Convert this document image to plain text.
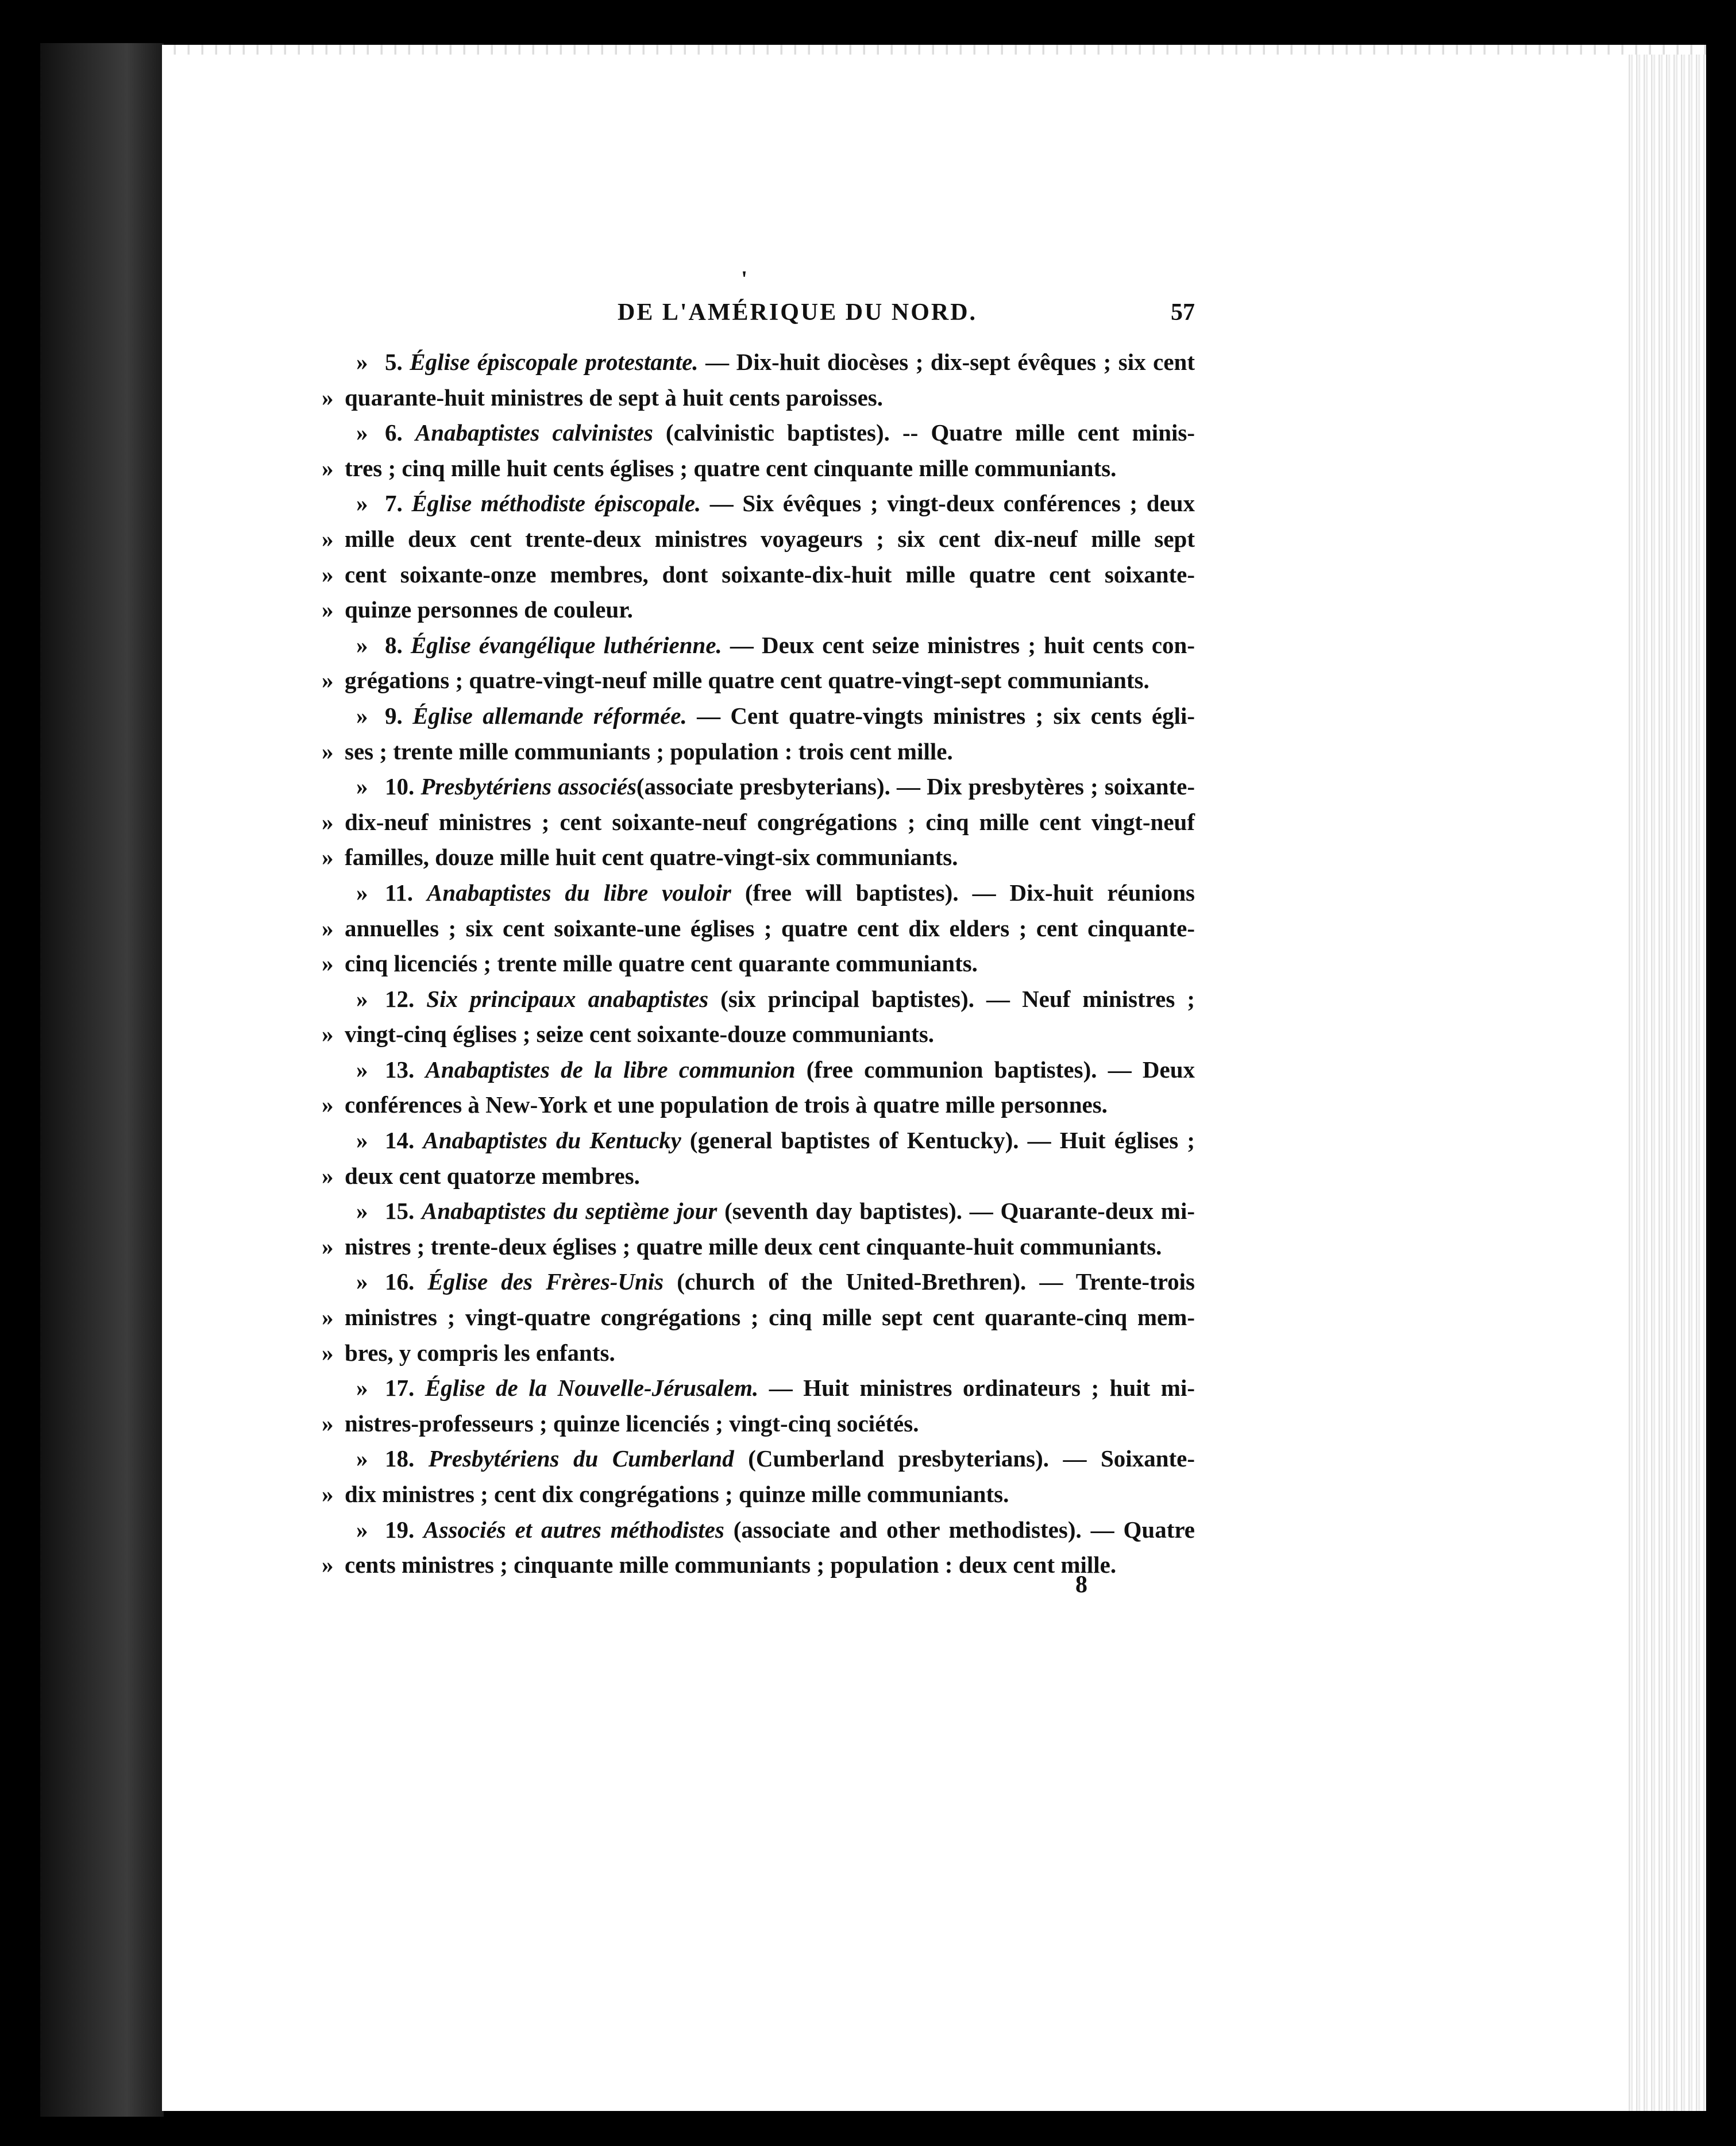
'
DE L'AMÉRIQUE DU NORD.	57
» 5. Église épiscopale protestante. — Dix-huit diocèses ; dix-sept évêques ; six cent
» quarante-huit ministres de sept à huit cents paroisses.
» 6. Anabaptistes calvinistes (calvinistic baptistes). -- Quatre mille cent minis-
» tres ; cinq mille huit cents églises ; quatre cent cinquante mille communiants.
» 7. Église méthodiste épiscopale. — Six évêques ; vingt-deux conférences ; deux
» mille deux cent trente-deux ministres voyageurs ; six cent dix-neuf mille sept
» cent soixante-onze membres, dont soixante-dix-huit mille quatre cent soixante-
» quinze personnes de couleur.
» 8. Église évangélique luthérienne. — Deux cent seize ministres ; huit cents con-
» grégations ; quatre-vingt-neuf mille quatre cent quatre-vingt-sept communiants.
» 9. Église allemande réformée. — Cent quatre-vingts ministres ; six cents égli-
» ses ; trente mille communiants ; population : trois cent mille.
» 10. Presbytériens associés(associate presbyterians). — Dix presbytères ; soixante-
» dix-neuf ministres ; cent soixante-neuf congrégations ; cinq mille cent vingt-neuf
» familles, douze mille huit cent quatre-vingt-six communiants.
» 11. Anabaptistes du libre vouloir (free will baptistes). — Dix-huit réunions
» annuelles ; six cent soixante-une églises ; quatre cent dix elders ; cent cinquante-
» cinq licenciés ; trente mille quatre cent quarante communiants.
» 12. Six principaux anabaptistes (six principal baptistes). — Neuf ministres ;
» vingt-cinq églises ; seize cent soixante-douze communiants.
» 13. Anabaptistes de la libre communion (free communion baptistes). — Deux
» conférences à New-York et une population de trois à quatre mille personnes.
» 14. Anabaptistes du Kentucky (general baptistes of Kentucky). — Huit églises ;
» deux cent quatorze membres.
» 15. Anabaptistes du septième jour (seventh day baptistes). — Quarante-deux mi-
» nistres ; trente-deux églises ; quatre mille deux cent cinquante-huit communiants.
» 16. Église des Frères-Unis (church of the United-Brethren). — Trente-trois
» ministres ; vingt-quatre congrégations ; cinq mille sept cent quarante-cinq mem-
» bres, y compris les enfants.
» 17. Église de la Nouvelle-Jérusalem. — Huit ministres ordinateurs ; huit mi-
» nistres-professeurs ; quinze licenciés ; vingt-cinq sociétés.
» 18. Presbytériens du Cumberland (Cumberland presbyterians). — Soixante-
» dix ministres ; cent dix congrégations ; quinze mille communiants.
» 19. Associés et autres méthodistes (associate and other methodistes). — Quatre
» cents ministres ; cinquante mille communiants ; population : deux cent mille.
8
